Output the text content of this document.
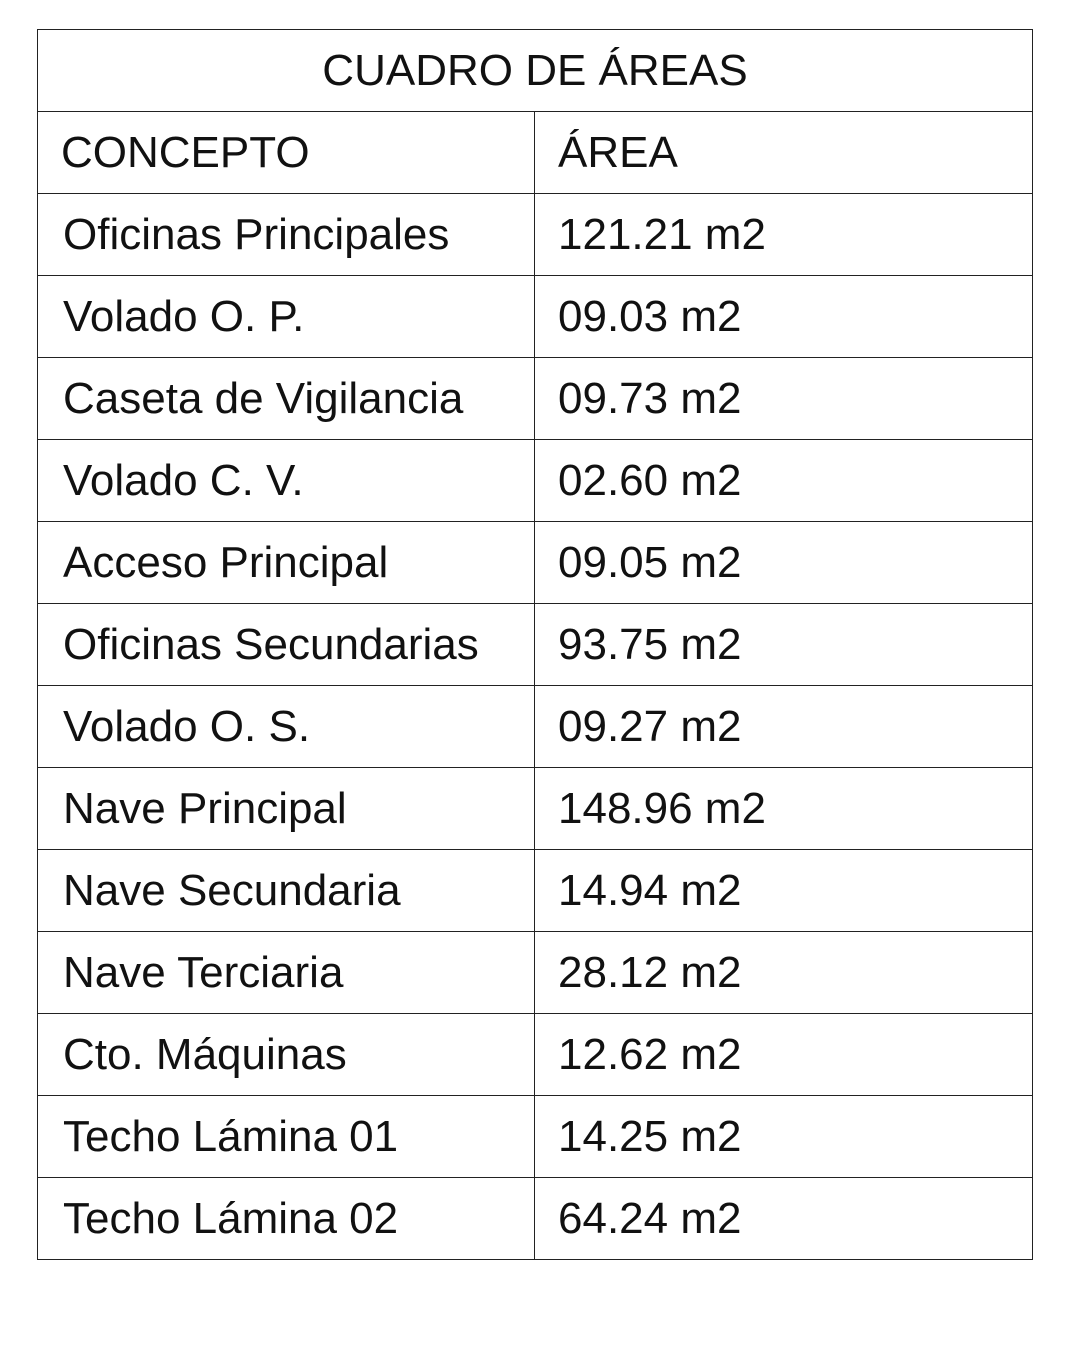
CUADRO DE ÁREAS	
CONCEPTO	ÁREA
Oficinas Principales	121.21 m2
Volado O. P.	09.03 m2
Caseta de Vigilancia	09.73 m2
Volado C. V.	02.60 m2
Acceso Principal	09.05 m2
Oficinas Secundarias	93.75 m2
Volado O. S.	09.27 m2
Nave Principal	148.96 m2
Nave Secundaria	14.94 m2
Nave Terciaria	28.12 m2
Cto. Máquinas	12.62 m2
Techo Lámina 01	14.25 m2
Techo Lámina 02	64.24 m2
